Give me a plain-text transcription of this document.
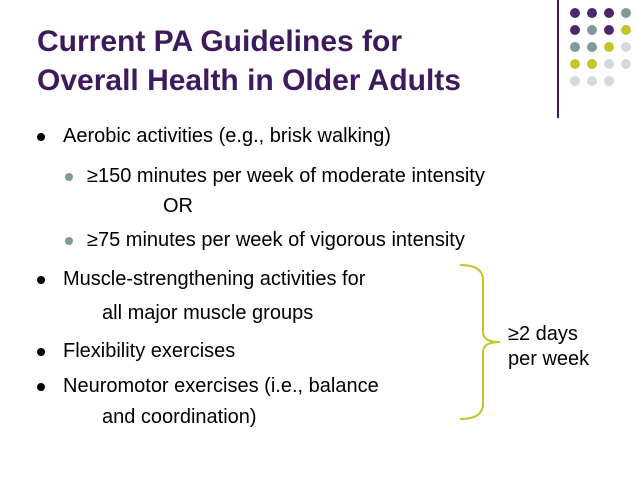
Current PA Guidelines for
Overall Health in Older Adults
Aerobic activities (e.g., brisk walking)
≥150 minutes per week of moderate intensity
OR
≥75 minutes per week of vigorous intensity
Muscle-strengthening activities for
all major muscle groups
Flexibility exercises
Neuromotor exercises (i.e., balance
and coordination)
≥2 days
per week
